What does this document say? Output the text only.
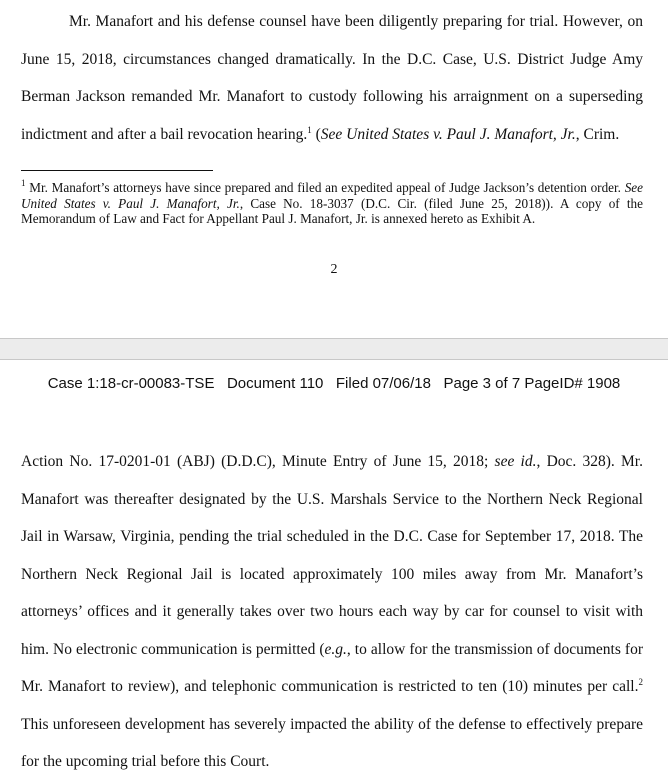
Mr. Manafort and his defense counsel have been diligently preparing for trial. However, on June 15, 2018, circumstances changed dramatically. In the D.C. Case, U.S. District Judge Amy Berman Jackson remanded Mr. Manafort to custody following his arraignment on a superseding indictment and after a bail revocation hearing.$^1$ (See United States v. Paul J. Manafort, Jr., Crim.

$^1$ Mr. Manafort’s attorneys have since prepared and filed an expedited appeal of Judge Jackson’s detention order. See United States v. Paul J. Manafort, Jr., Case No. 18-3037 (D.C. Cir. (filed June 25, 2018)). A copy of the Memorandum of Law and Fact for Appellant Paul J. Manafort, Jr. is annexed hereto as Exhibit A.

2
Case 1:18-cr-00083-TSE   Document 110   Filed 07/06/18   Page 3 of 7 PageID# 1908

Action No. 17-0201-01 (ABJ) (D.D.C), Minute Entry of June 15, 2018; see id., Doc. 328). Mr. Manafort was thereafter designated by the U.S. Marshals Service to the Northern Neck Regional Jail in Warsaw, Virginia, pending the trial scheduled in the D.C. Case for September 17, 2018. The Northern Neck Regional Jail is located approximately 100 miles away from Mr. Manafort’s attorneys’ offices and it generally takes over two hours each way by car for counsel to visit with him. No electronic communication is permitted (e.g., to allow for the transmission of documents for Mr. Manafort to review), and telephonic communication is restricted to ten (10) minutes per call.$^2$ This unforeseen development has severely impacted the ability of the defense to effectively prepare for the upcoming trial before this Court.
